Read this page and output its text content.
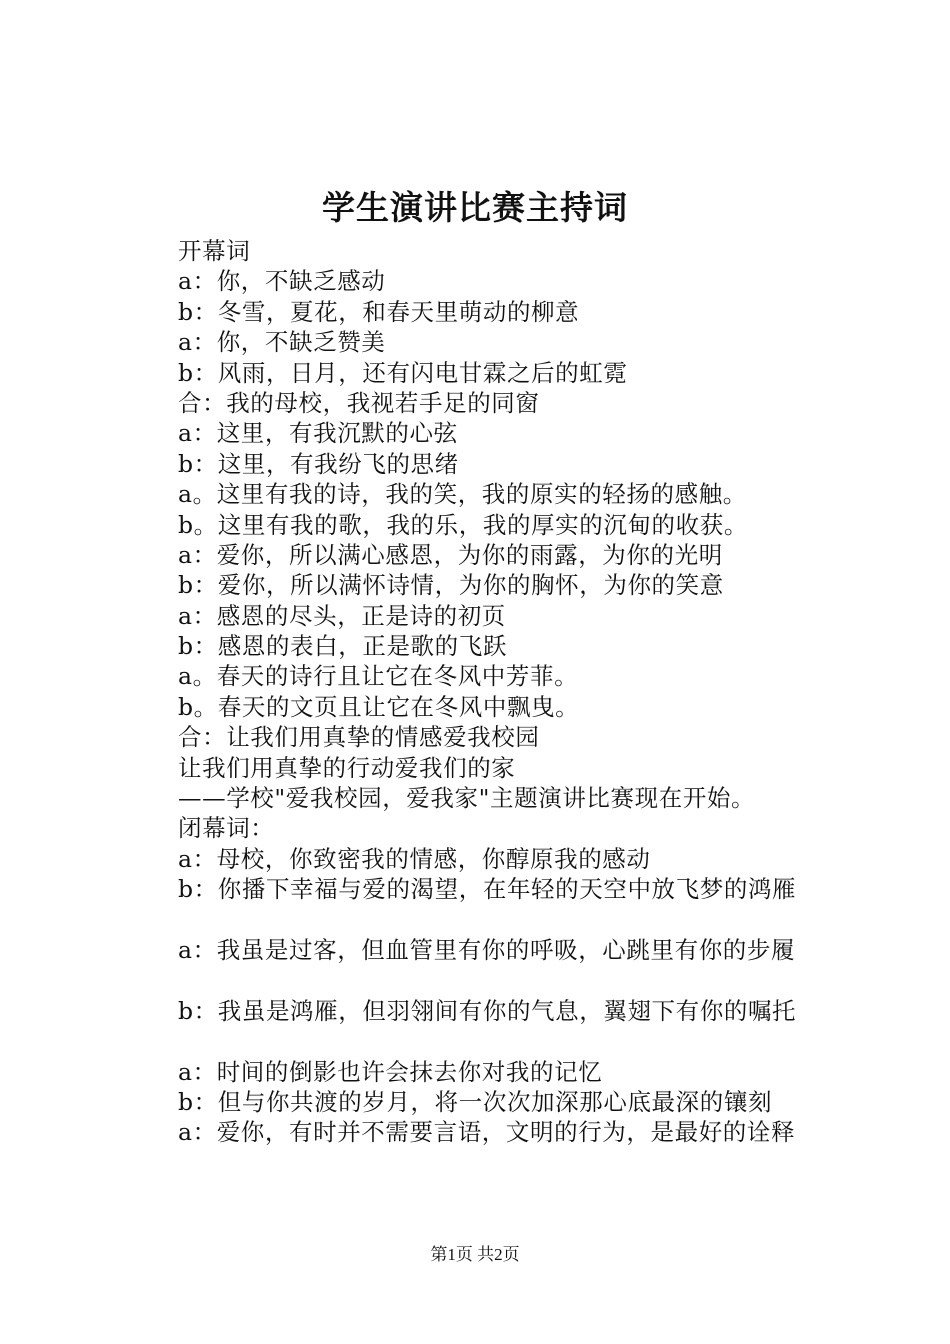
学生演讲比赛主持词
开幕词
a：你，不缺乏感动
b：冬雪，夏花，和春天里萌动的柳意
a：你，不缺乏赞美
b：风雨，日月，还有闪电甘霖之后的虹霓
合：我的母校，我视若手足的同窗
a：这里，有我沉默的心弦
b：这里，有我纷飞的思绪
a。这里有我的诗，我的笑，我的原实的轻扬的感触。
b。这里有我的歌，我的乐，我的厚实的沉甸的收获。
a：爱你，所以满心感恩，为你的雨露，为你的光明
b：爱你，所以满怀诗情，为你的胸怀，为你的笑意
a：感恩的尽头，正是诗的初页
b：感恩的表白，正是歌的飞跃
a。春天的诗行且让它在冬风中芳菲。
b。春天的文页且让它在冬风中飘曳。
合：让我们用真挚的情感爱我校园
让我们用真挚的行动爱我们的家
——学校"爱我校园，爱我家"主题演讲比赛现在开始。
闭幕词：
a：母校，你致密我的情感，你醇原我的感动
b：你播下幸福与爱的渴望，在年轻的天空中放飞梦的鸿雁
a：我虽是过客，但血管里有你的呼吸，心跳里有你的步履
b：我虽是鸿雁，但羽翎间有你的气息，翼翅下有你的嘱托
a：时间的倒影也许会抹去你对我的记忆
b：但与你共渡的岁月，将一次次加深那心底最深的镶刻
a：爱你，有时并不需要言语，文明的行为，是最好的诠释
第1页 共2页
